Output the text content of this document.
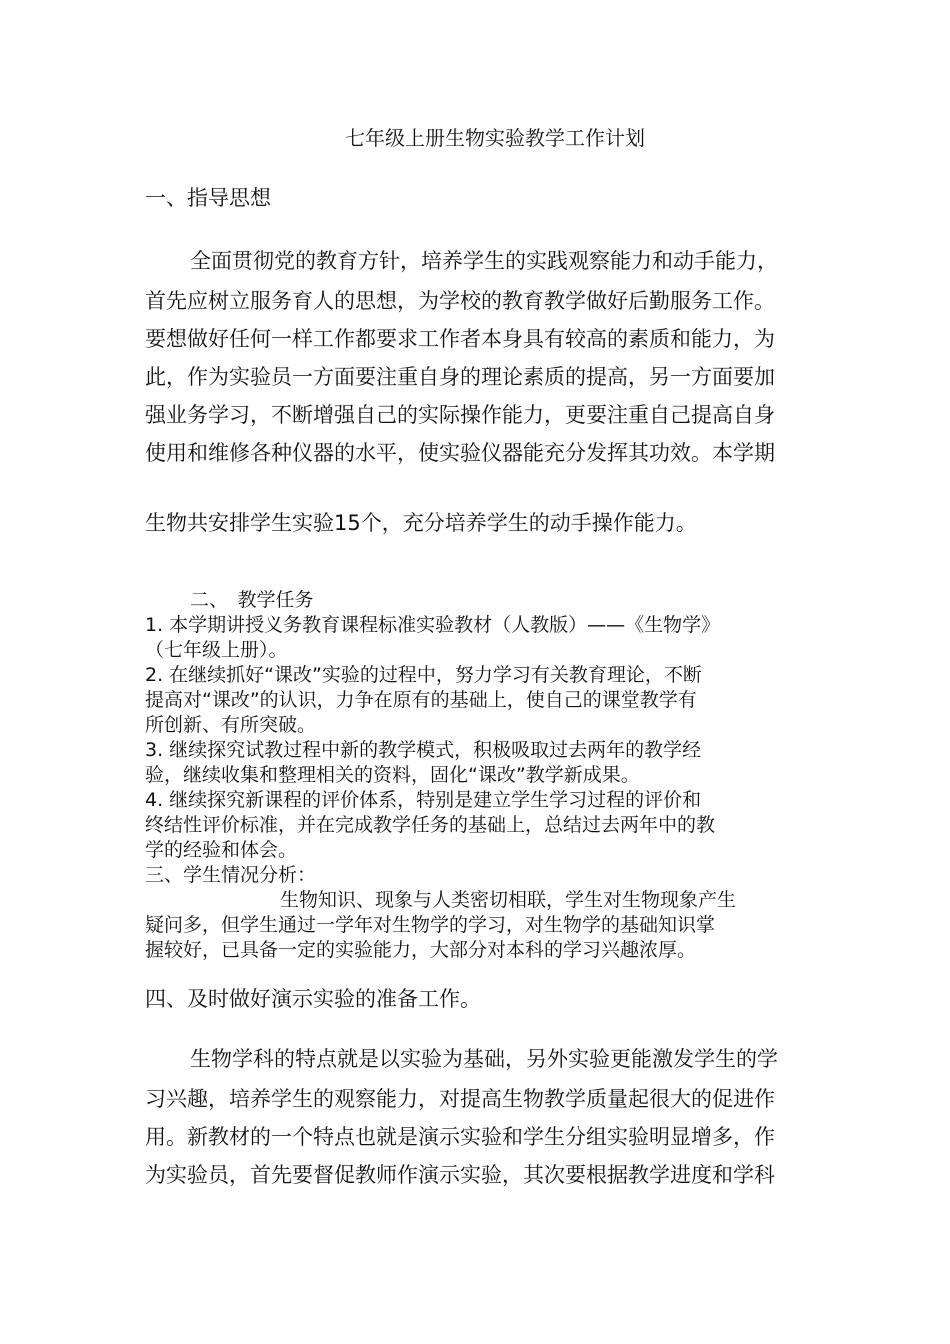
七年级上册生物实验教学工作计划
一、指导思想
全面贯彻党的教育方针，培养学生的实践观察能力和动手能力，
首先应树立服务育人的思想，为学校的教育教学做好后勤服务工作。
要想做好任何一样工作都要求工作者本身具有较高的素质和能力，为
此，作为实验员一方面要注重自身的理论素质的提高，另一方面要加
强业务学习，不断增强自己的实际操作能力，更要注重自己提高自身
使用和维修各种仪器的水平，使实验仪器能充分发挥其功效。本学期
生物共安排学生实验15个，充分培养学生的动手操作能力。
二、　教学任务
1. 本学期讲授义务教育课程标准实验教材（人教版）——《生物学》
（七年级上册）。
2. 在继续抓好“课改”实验的过程中，努力学习有关教育理论，不断
提高对“课改”的认识，力争在原有的基础上，使自己的课堂教学有
所创新、有所突破。
3. 继续探究试教过程中新的教学模式，积极吸取过去两年的教学经
验，继续收集和整理相关的资料，固化“课改”教学新成果。
4. 继续探究新课程的评价体系，特别是建立学生学习过程的评价和
终结性评价标准，并在完成教学任务的基础上，总结过去两年中的教
学的经验和体会。
三、学生情况分析：
生物知识、现象与人类密切相联，学生对生物现象产生
疑问多，但学生通过一学年对生物学的学习，对生物学的基础知识掌
握较好，已具备一定的实验能力，大部分对本科的学习兴趣浓厚。
四、及时做好演示实验的准备工作。
生物学科的特点就是以实验为基础，另外实验更能激发学生的学
习兴趣，培养学生的观察能力，对提高生物教学质量起很大的促进作
用。新教材的一个特点也就是演示实验和学生分组实验明显增多，作
为实验员，首先要督促教师作演示实验，其次要根据教学进度和学科
